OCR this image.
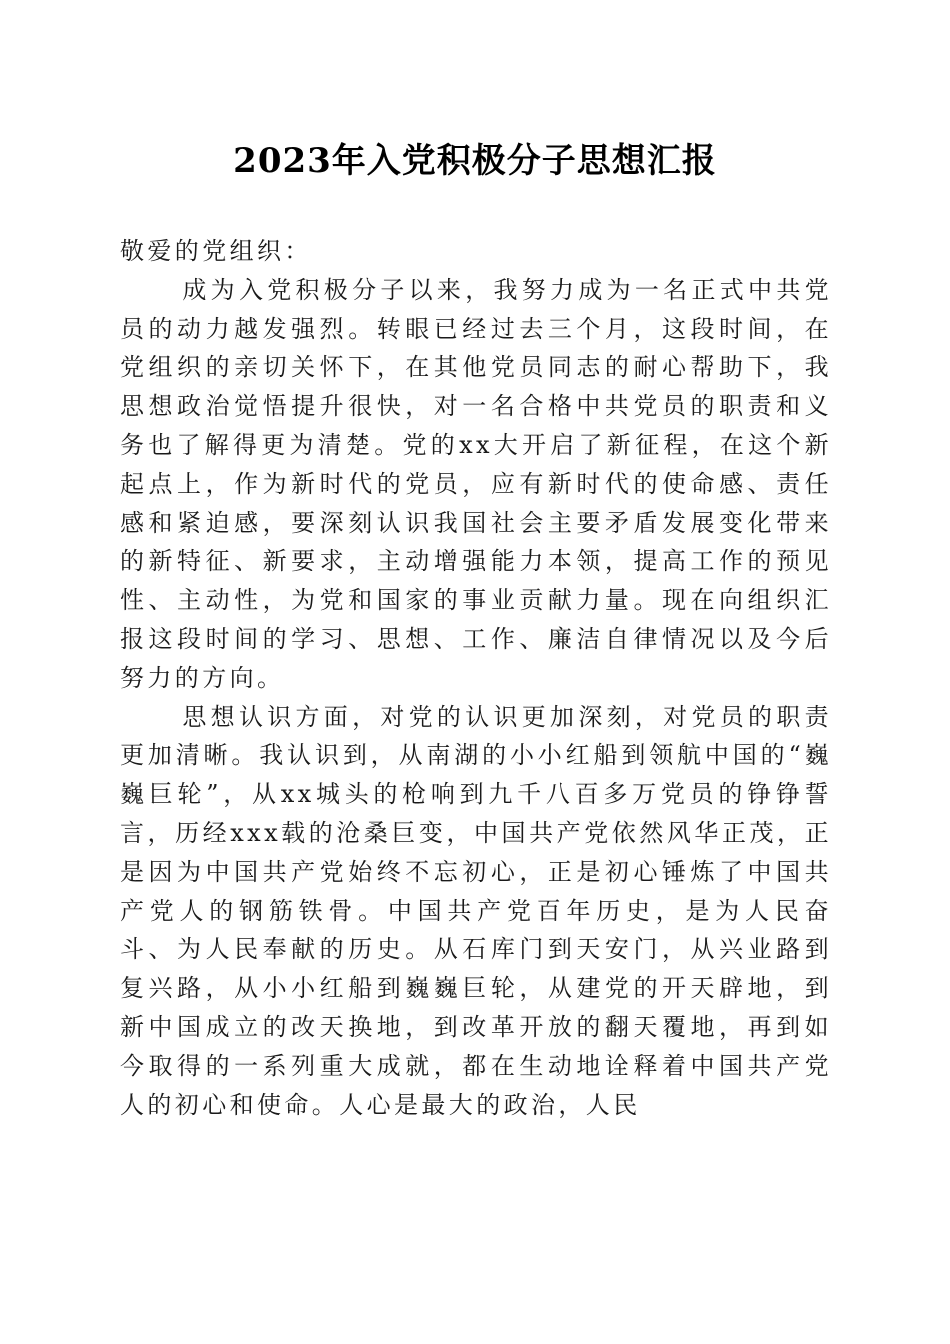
2023年入党积极分子思想汇报

敬爱的党组织：

成为入党积极分子以来，我努力成为一名正式中共党员的动力越发强烈。转眼已经过去三个月，这段时间，在党组织的亲切关怀下，在其他党员同志的耐心帮助下，我思想政治觉悟提升很快，对一名合格中共党员的职责和义务也了解得更为清楚。党的xx大开启了新征程，在这个新起点上，作为新时代的党员，应有新时代的使命感、责任感和紧迫感，要深刻认识我国社会主要矛盾发展变化带来的新特征、新要求，主动增强能力本领，提高工作的预见性、主动性，为党和国家的事业贡献力量。现在向组织汇报这段时间的学习、思想、工作、廉洁自律情况以及今后努力的方向。

思想认识方面，对党的认识更加深刻，对党员的职责更加清晰。我认识到，从南湖的小小红船到领航中国的“巍巍巨轮”，从xx城头的枪响到九千八百多万党员的铮铮誓言，历经xxx载的沧桑巨变，中国共产党依然风华正茂，正是因为中国共产党始终不忘初心，正是初心锤炼了中国共产党人的钢筋铁骨。中国共产党百年历史，是为人民奋斗、为人民奉献的历史。从石库门到天安门，从兴业路到复兴路，从小小红船到巍巍巨轮，从建党的开天辟地，到新中国成立的改天换地，到改革开放的翻天覆地，再到如今取得的一系列重大成就，都在生动地诠释着中国共产党人的初心和使命。人心是最大的政治，人民
